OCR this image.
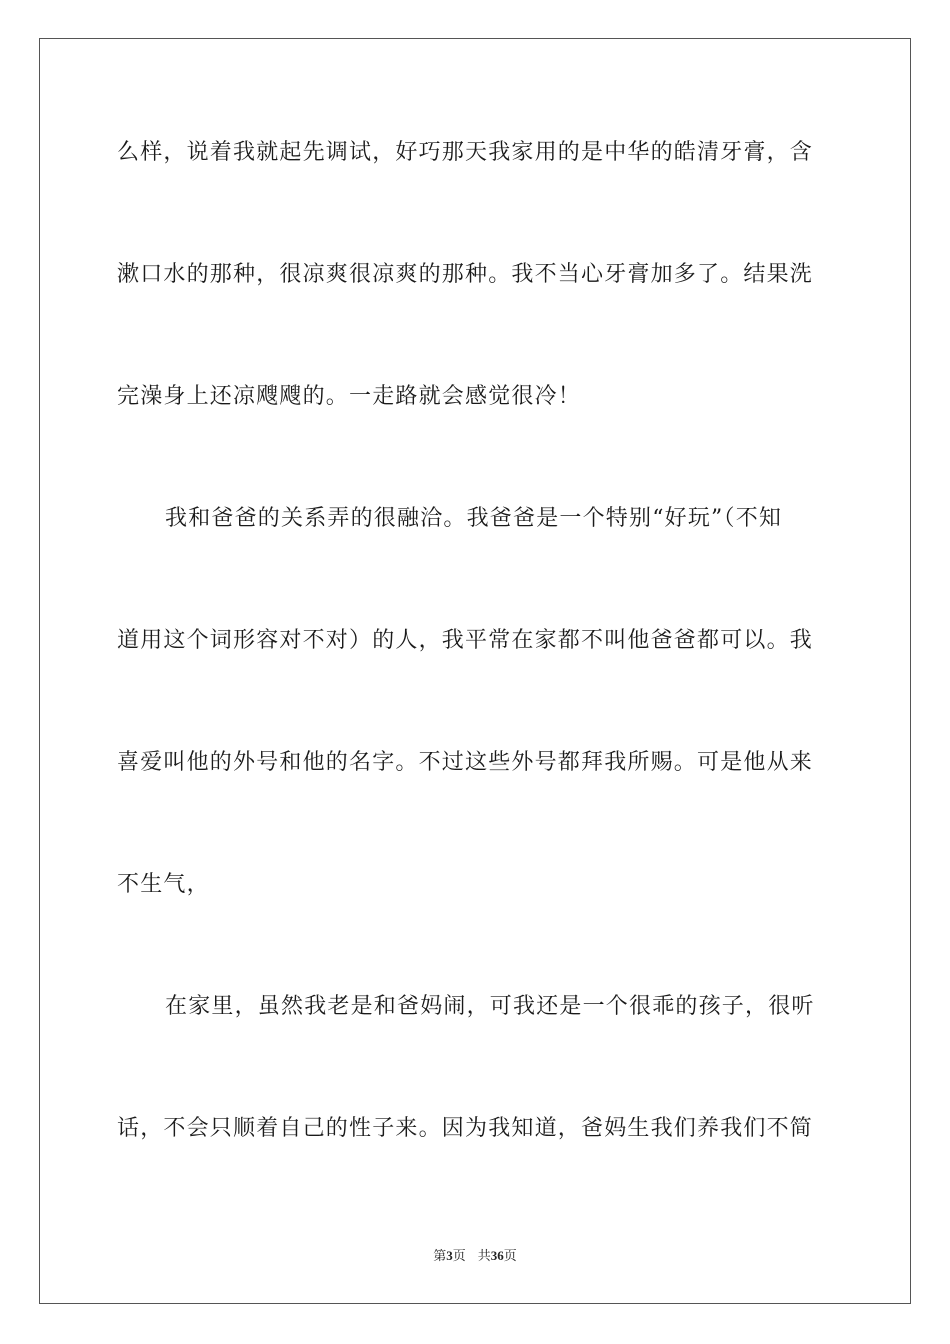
么样，说着我就起先调试，好巧那天我家用的是中华的皓清牙膏，含
漱口水的那种，很凉爽很凉爽的那种。我不当心牙膏加多了。结果洗
完澡身上还凉飕飕的。一走路就会感觉很冷！
我和爸爸的关系弄的很融洽。我爸爸是一个特别“好玩”（不知
道用这个词形容对不对）的人，我平常在家都不叫他爸爸都可以。我
喜爱叫他的外号和他的名字。不过这些外号都拜我所赐。可是他从来
不生气，
在家里，虽然我老是和爸妈闹，可我还是一个很乖的孩子，很听
话，不会只顺着自己的性子来。因为我知道，爸妈生我们养我们不简
第3页 共36页
